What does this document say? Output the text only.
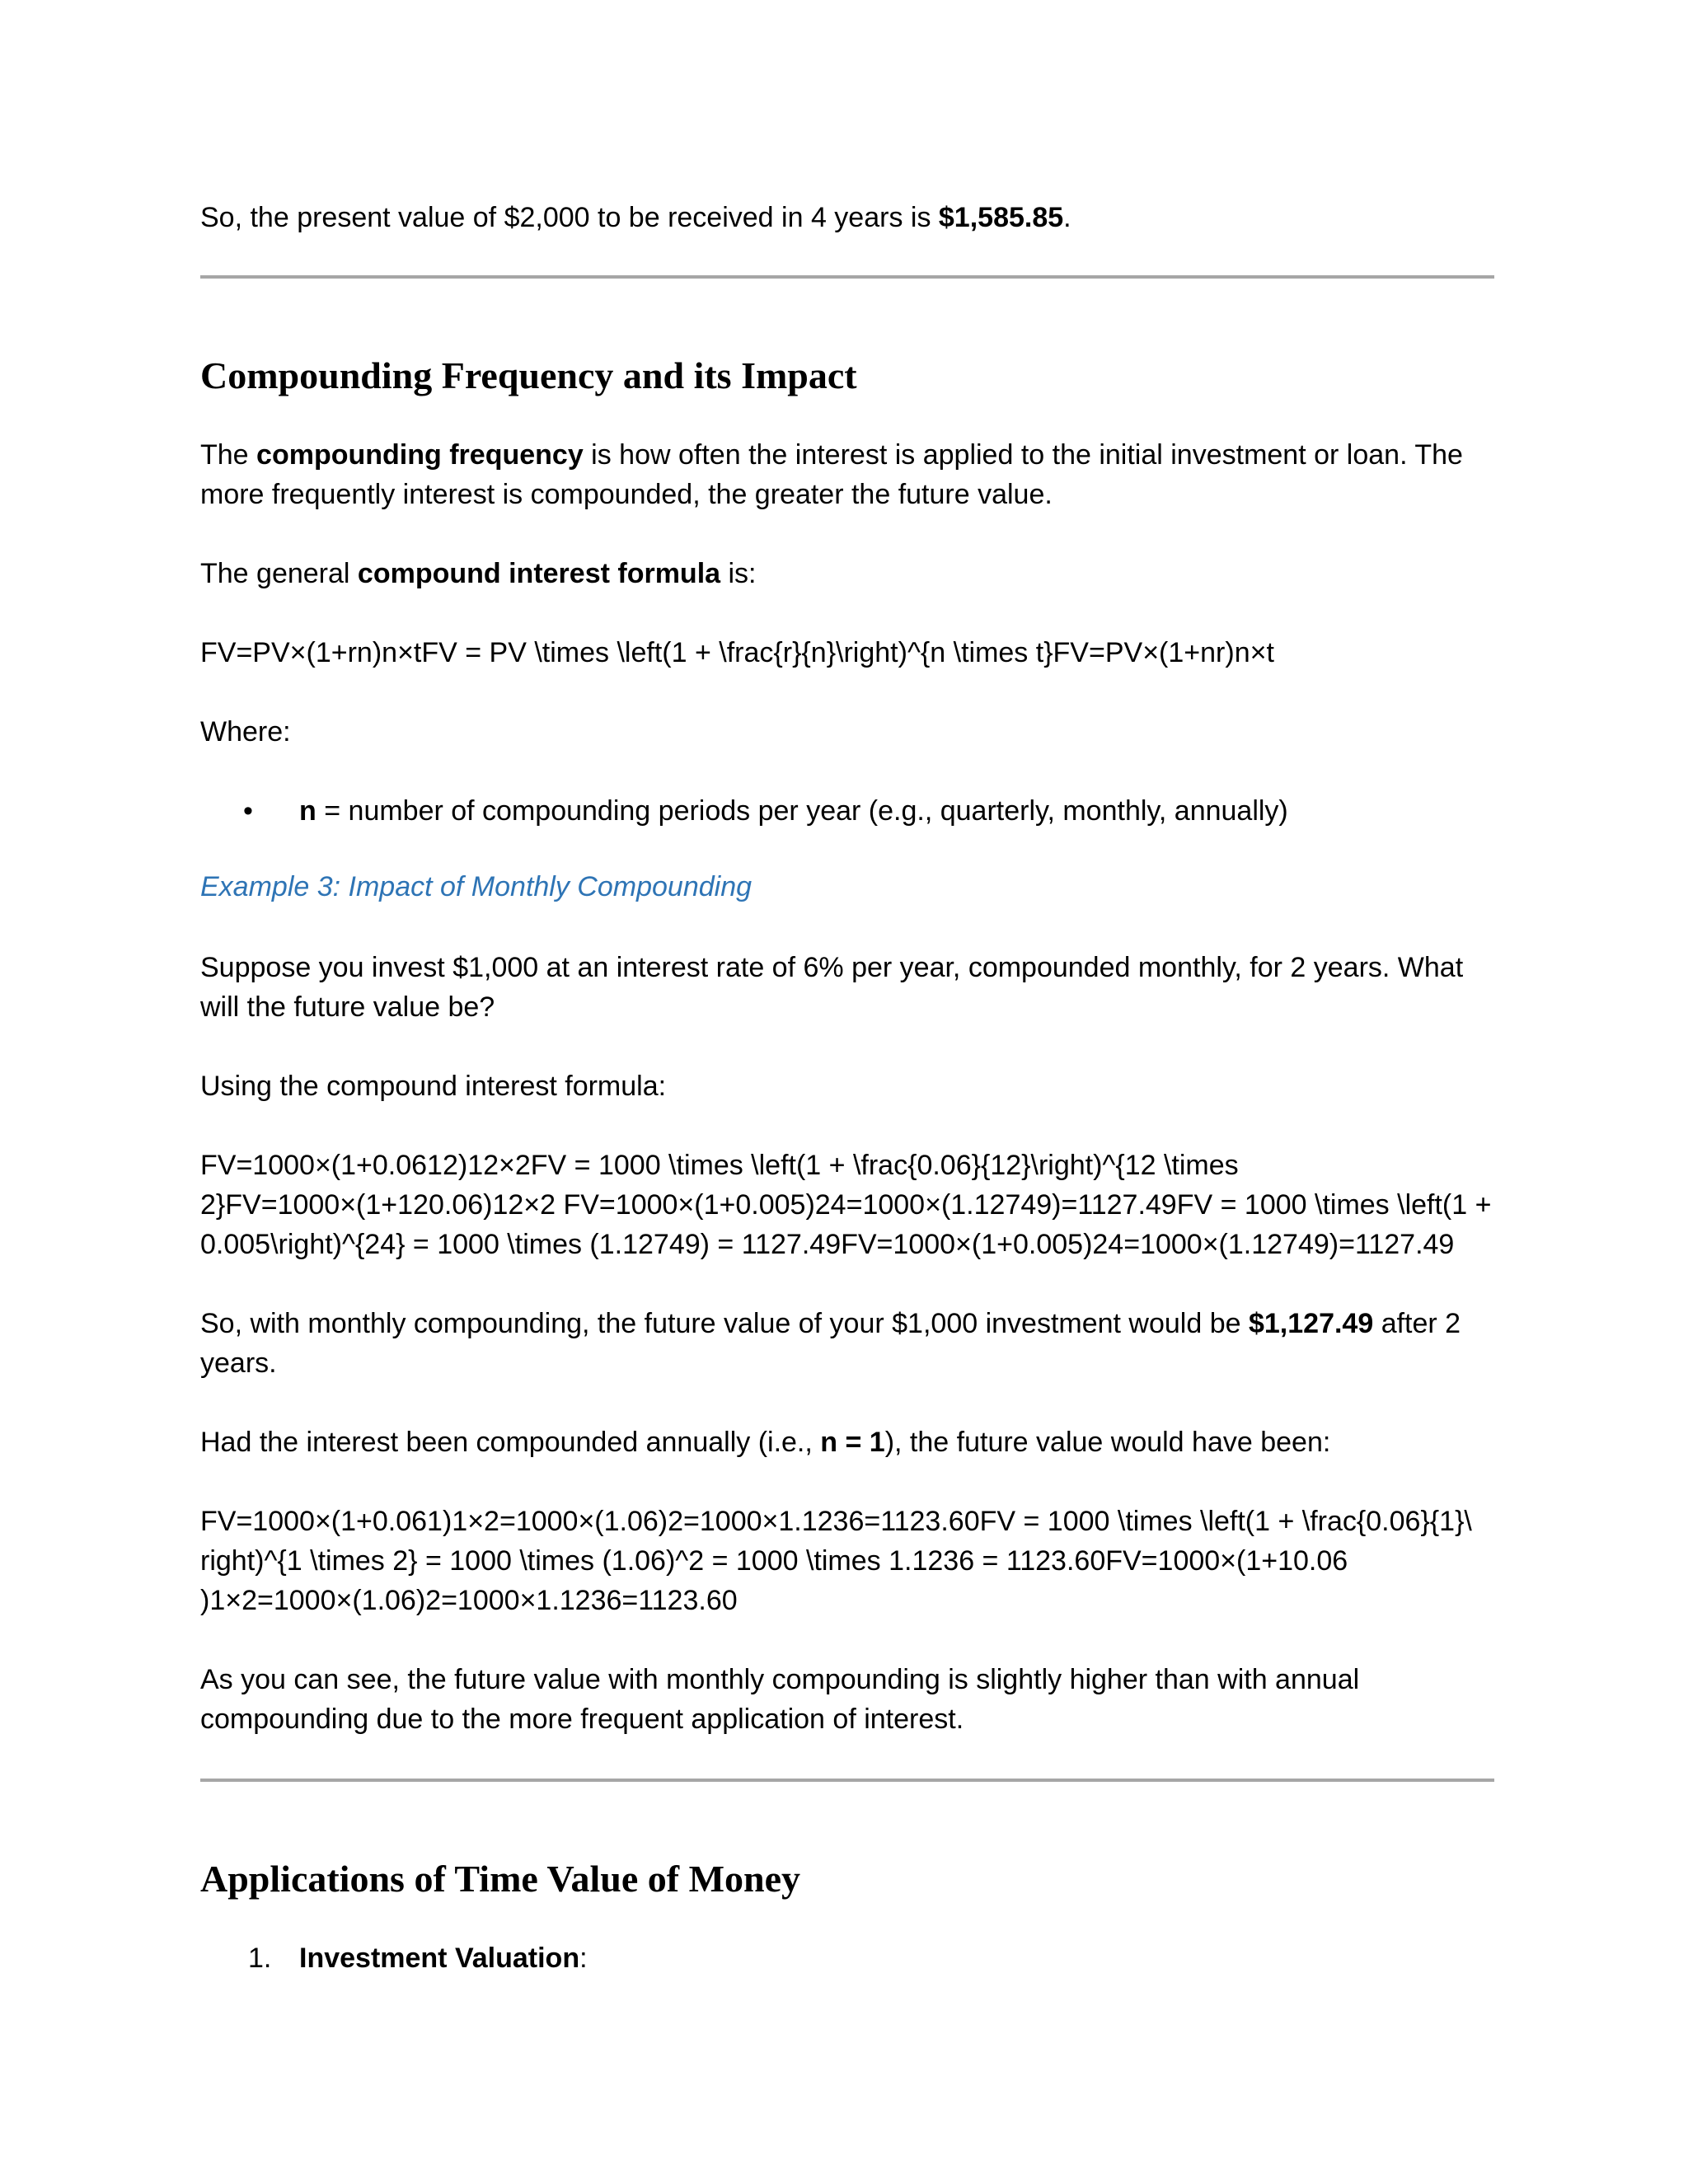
So, the present value of $2,000 to be received in 4 years is $1,585.85.

Compounding Frequency and its Impact

The compounding frequency is how often the interest is applied to the initial investment or loan. The more frequently interest is compounded, the greater the future value.

The general compound interest formula is:

FV=PV×(1+rn)n×tFV = PV \times \left(1 + \frac{r}{n}\right)^{n \times t}FV=PV×(1+nr)n×t

Where:

• n = number of compounding periods per year (e.g., quarterly, monthly, annually)

Example 3: Impact of Monthly Compounding

Suppose you invest $1,000 at an interest rate of 6% per year, compounded monthly, for 2 years. What will the future value be?

Using the compound interest formula:

FV=1000×(1+0.0612)12×2FV = 1000 \times \left(1 + \frac{0.06}{12}\right)^{12 \times 2}FV=1000×(1+120.06)12×2 FV=1000×(1+0.005)24=1000×(1.12749)=1127.49FV = 1000 \times \left(1 + 0.005\right)^{24} = 1000 \times (1.12749) = 1127.49FV=1000×(1+0.005)24=1000×(1.12749)=1127.49

So, with monthly compounding, the future value of your $1,000 investment would be $1,127.49 after 2 years.

Had the interest been compounded annually (i.e., n = 1), the future value would have been:

FV=1000×(1+0.061)1×2=1000×(1.06)2=1000×1.1236=1123.60FV = 1000 \times \left(1 + \frac{0.06}{1}\ right)^{1 \times 2} = 1000 \times (1.06)^2 = 1000 \times 1.1236 = 1123.60FV=1000×(1+10.06 )1×2=1000×(1.06)2=1000×1.1236=1123.60

As you can see, the future value with monthly compounding is slightly higher than with annual compounding due to the more frequent application of interest.

Applications of Time Value of Money
1. Investment Valuation:
